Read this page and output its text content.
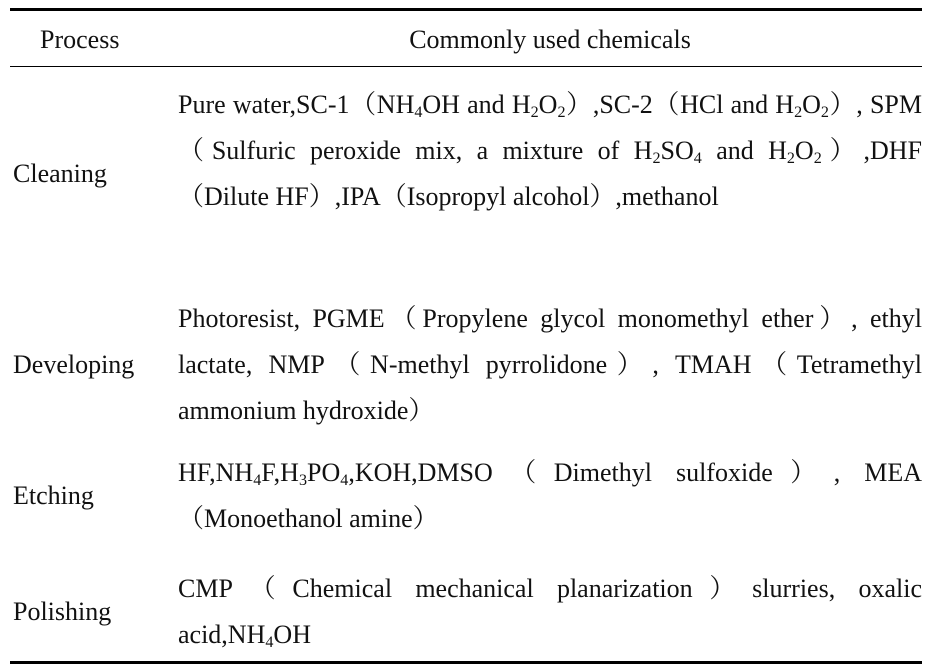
Process	Commonly used chemicals
Cleaning
Pure $water,SC-1(NH_4OH$ and $H_2O_2),SC-2(HCl$ and $H_2O_2$）, SPM（Sulfuric peroxide mix, a mixture of $H_2SO_4$ and $H_2O_2),DHF(Dilute$ HF）,IPA（Isopropyl alcohol）,methanol
Developing
Photoresist, PGME（Propylene glycol monomethyl ether）, ethyl lactate, NMP（N-methyl pyrrolidone）, TMAH（Tetramethyl ammonium hydroxide）
Etching
$HF,NH_4F,H_3PO_4,KOH,DMSO(Dimethyl$ sulfoxide）, MEA（Monoethanol amine）
Polishing
CMP（Chemical mechanical planarization）slurries, oxalic $acid,NH_4OH$
